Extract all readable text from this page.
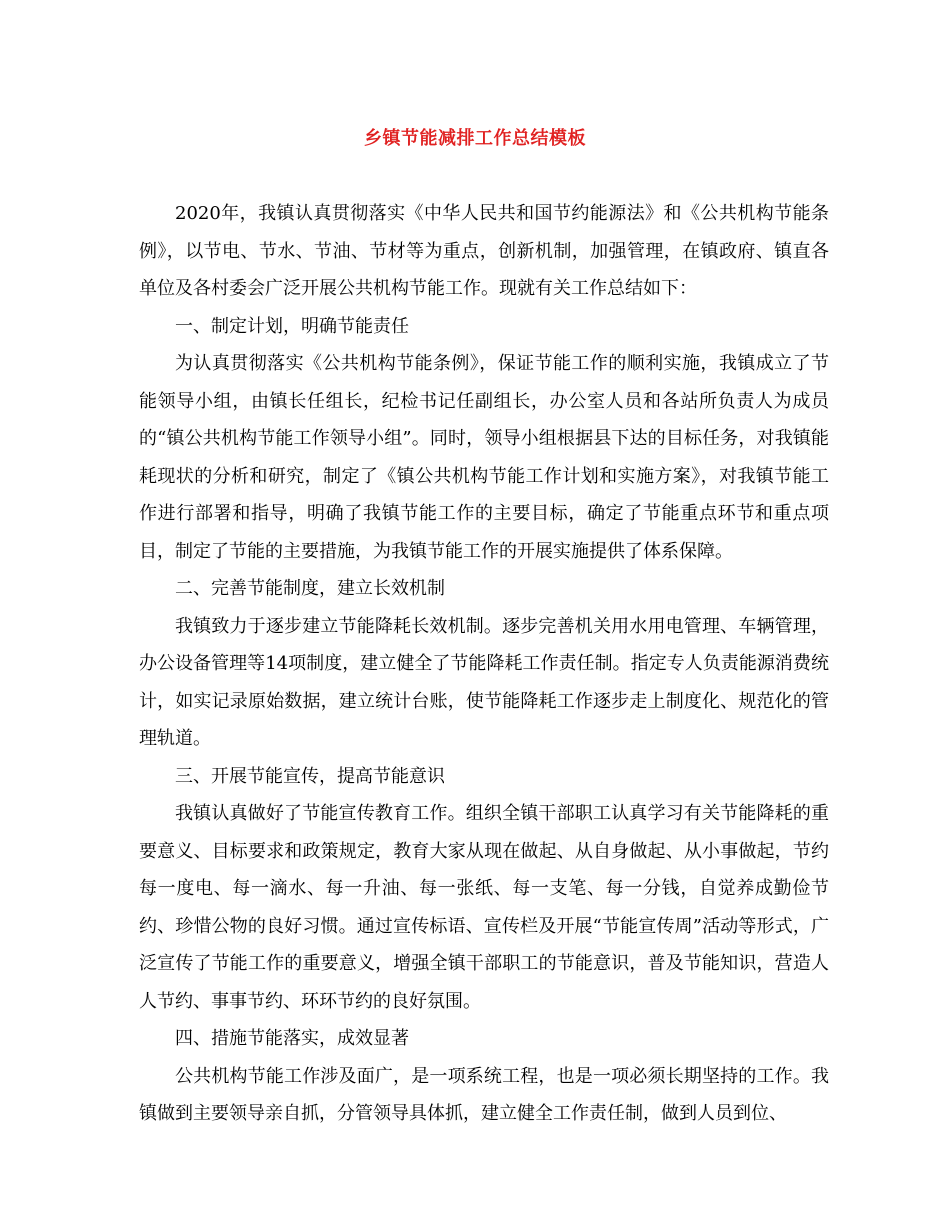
乡镇节能减排工作总结模板

2020年，我镇认真贯彻落实《中华人民共和国节约能源法》和《公共机构节能条例》，以节电、节水、节油、节材等为重点，创新机制，加强管理，在镇政府、镇直各单位及各村委会广泛开展公共机构节能工作。现就有关工作总结如下：

一、制定计划，明确节能责任

为认真贯彻落实《公共机构节能条例》，保证节能工作的顺利实施，我镇成立了节能领导小组，由镇长任组长，纪检书记任副组长，办公室人员和各站所负责人为成员的“镇公共机构节能工作领导小组”。同时，领导小组根据县下达的目标任务，对我镇能耗现状的分析和研究，制定了《镇公共机构节能工作计划和实施方案》，对我镇节能工作进行部署和指导，明确了我镇节能工作的主要目标，确定了节能重点环节和重点项目，制定了节能的主要措施，为我镇节能工作的开展实施提供了体系保障。

二、完善节能制度，建立长效机制

我镇致力于逐步建立节能降耗长效机制。逐步完善机关用水用电管理、车辆管理，办公设备管理等14项制度，建立健全了节能降耗工作责任制。指定专人负责能源消费统计，如实记录原始数据，建立统计台账，使节能降耗工作逐步走上制度化、规范化的管理轨道。

三、开展节能宣传，提高节能意识

我镇认真做好了节能宣传教育工作。组织全镇干部职工认真学习有关节能降耗的重要意义、目标要求和政策规定，教育大家从现在做起、从自身做起、从小事做起，节约每一度电、每一滴水、每一升油、每一张纸、每一支笔、每一分钱，自觉养成勤俭节约、珍惜公物的良好习惯。通过宣传标语、宣传栏及开展“节能宣传周”活动等形式，广泛宣传了节能工作的重要意义，增强全镇干部职工的节能意识，普及节能知识，营造人人节约、事事节约、环环节约的良好氛围。

四、措施节能落实，成效显著

公共机构节能工作涉及面广，是一项系统工程，也是一项必须长期坚持的工作。我镇做到主要领导亲自抓，分管领导具体抓，建立健全工作责任制，做到人员到位、
